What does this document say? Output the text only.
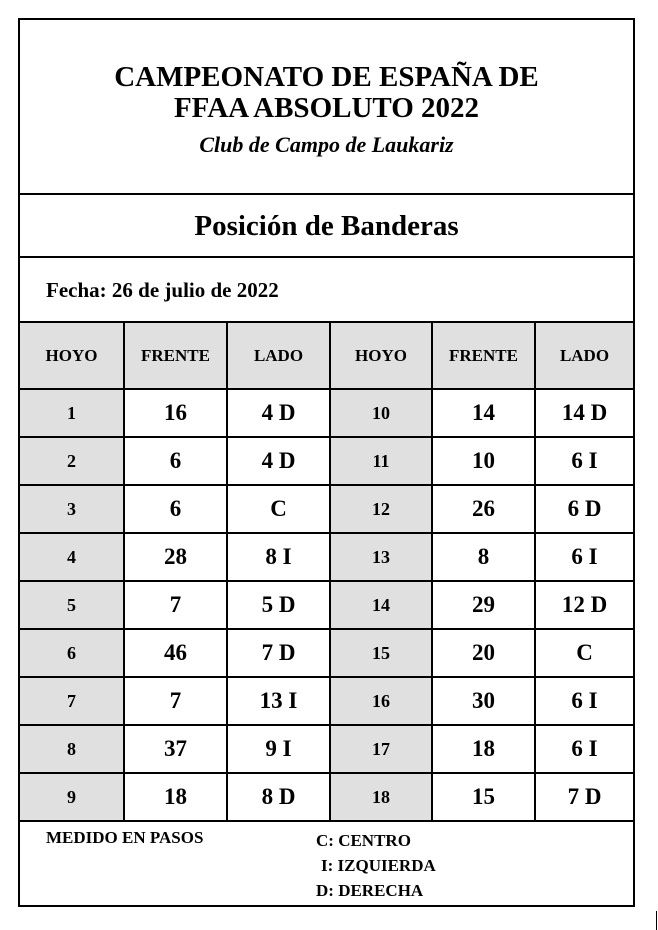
CAMPEONATO DE ESPAÑA DE
FFAA ABSOLUTO 2022
Club de Campo de Laukariz
Posición de Banderas
Fecha: 26 de julio de 2022
HOYO	FRENTE	LADO	HOYO	FRENTE	LADO
1	16	4 D	10	14	14 D
2	6	4 D	11	10	6 I
3	6	C	12	26	6 D
4	28	8 I	13	8	6 I
5	7	5 D	14	29	12 D
6	46	7 D	15	20	C
7	7	13 I	16	30	6 I
8	37	9 I	17	18	6 I
9	18	8 D	18	15	7 D
MEDIDO EN PASOS	C: CENTRO
I: IZQUIERDA
D: DERECHA
